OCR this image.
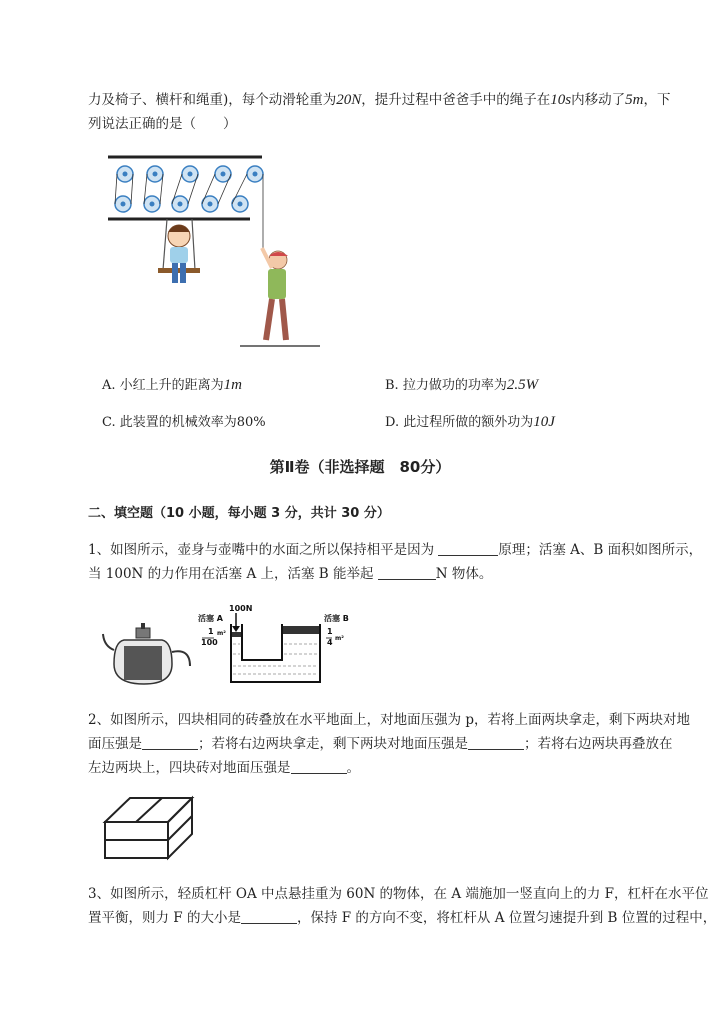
力及椅子、横杆和绳重)，每个动滑轮重为20N，提升过程中爸爸手中的绳子在10s内移动了5m，下
列说法正确的是（　　）
A. 小红上升的距离为1m	B. 拉力做功的功率为2.5W
C. 此装置的机械效率为80%	D. 此过程所做的额外功为10J
第Ⅱ卷（非选择题　80分）
二、填空题（10 小题，每小题 3 分，共计 30 分）
1、如图所示，壶身与壶嘴中的水面之所以保持相平是因为	原理；活塞 A、B 面积如图所示，
当 100N 的力作用在活塞 A 上，活塞 B 能举起	N 物体。
活塞 A
100N
1
100
m²
活塞 B
1
4 m²
2、如图所示，四块相同的砖叠放在水平地面上，对地面压强为 p，若将上面两块拿走，剩下两块对地
面压强是	；若将右边两块拿走，剩下两块对地面压强是	；若将右边两块再叠放在
左边两块上，四块砖对地面压强是	。
3、如图所示，轻质杠杆 OA 中点悬挂重为 60N 的物体，在 A 端施加一竖直向上的力 F，杠杆在水平位
置平衡，则力 F 的大小是	，保持 F 的方向不变，将杠杆从 A 位置匀速提升到 B 位置的过程中，
